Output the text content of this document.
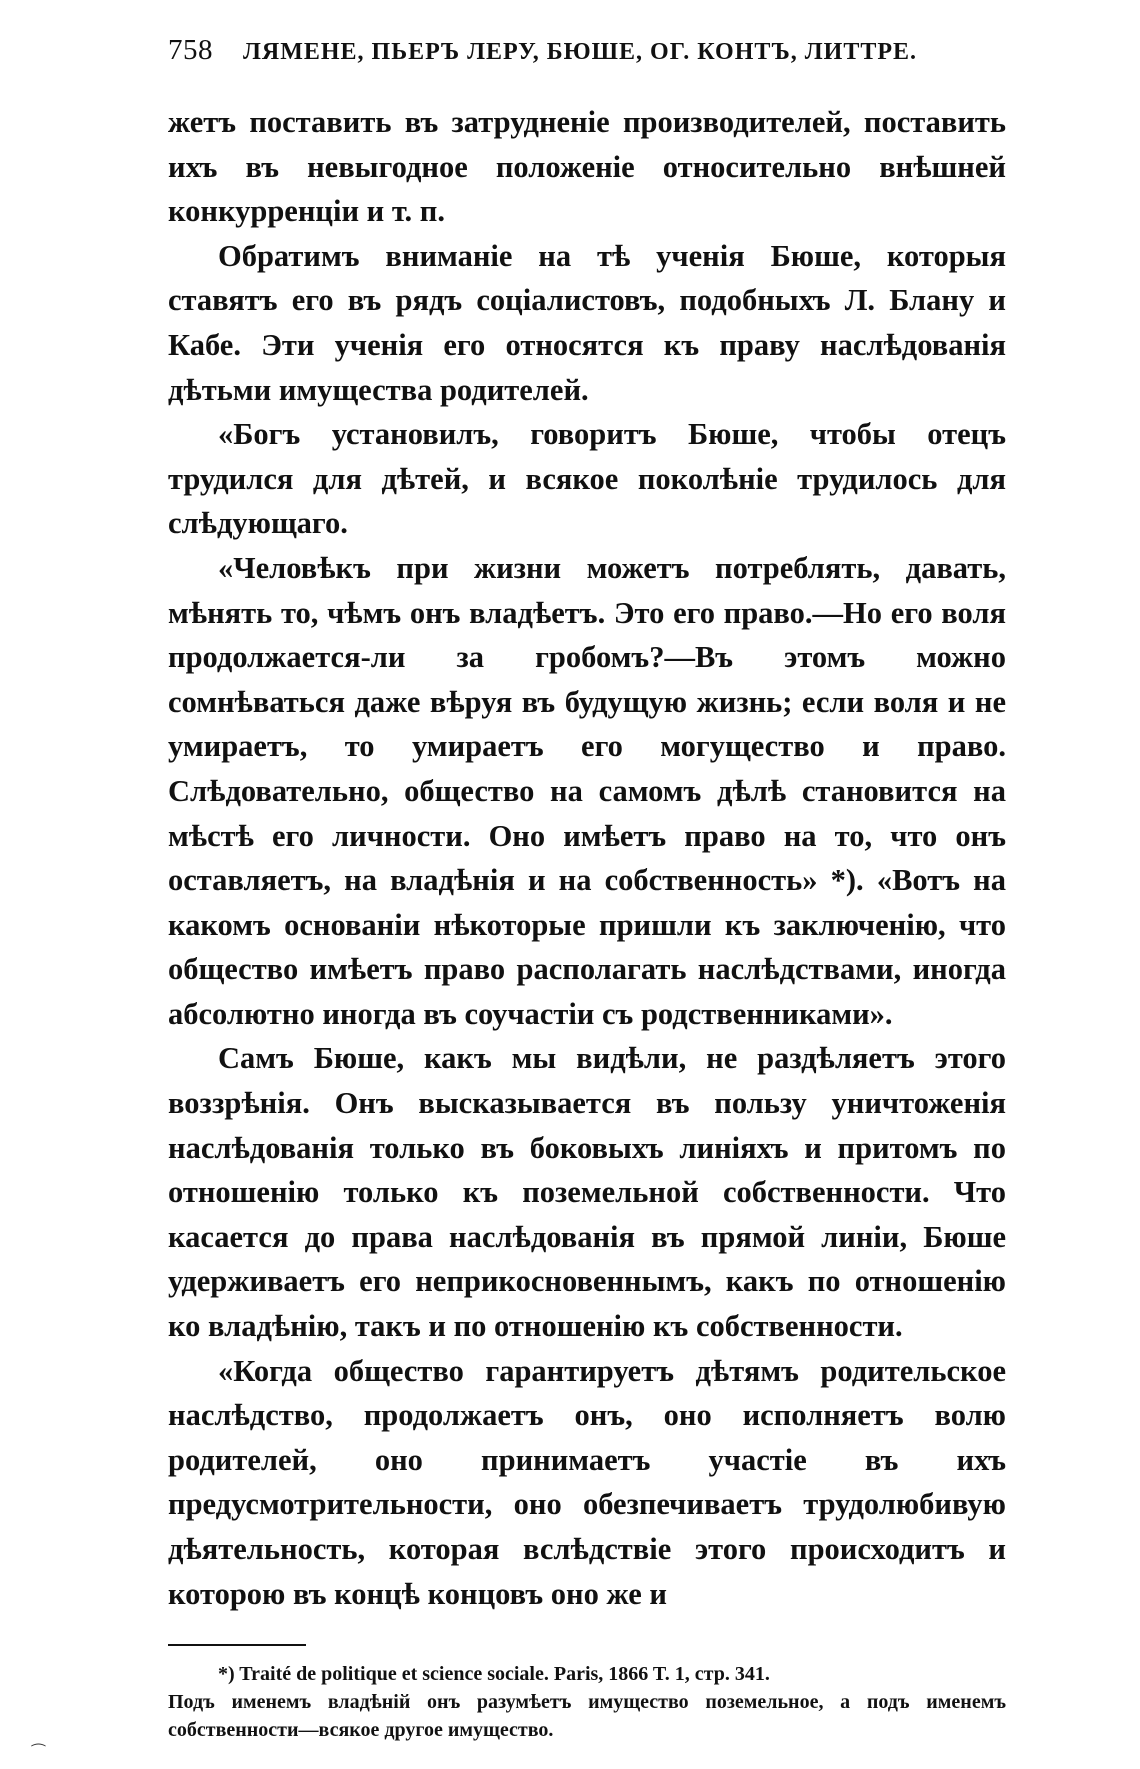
758 ЛЯМЕНЕ, ПЬЕРЪ ЛЕРУ, БЮШЕ, ОГ. КОНТЪ, ЛИТТРЕ.

жетъ поставить въ затрудненіе производителей, поставить ихъ въ невыгодное положеніе относительно внѣшней конкурренціи и т. п.

Обратимъ вниманіе на тѣ ученія Бюше, которыя ставятъ его въ рядъ соціалистовъ, подобныхъ Л. Блану и Кабе. Эти ученія его относятся къ праву наслѣдованія дѣтьми имущества родителей.

«Богъ установилъ, говоритъ Бюше, чтобы отецъ трудился для дѣтей, и всякое поколѣніе трудилось для слѣдующаго.

«Человѣкъ при жизни можетъ потреблять, давать, мѣнять то, чѣмъ онъ владѣетъ. Это его право.—Но его воля продолжается-ли за гробомъ?—Въ этомъ можно сомнѣваться даже вѣруя въ будущую жизнь; если воля и не умираетъ, то умираетъ его могущество и право. Слѣдовательно, общество на самомъ дѣлѣ становится на мѣстѣ его личности. Оно имѣетъ право на то, что онъ оставляетъ, на владѣнія и на собственность» *). «Вотъ на какомъ основаніи нѣкоторые пришли къ заключенію, что общество имѣетъ право располагать наслѣдствами, иногда абсолютно иногда въ соучастіи съ родственниками».

Самъ Бюше, какъ мы видѣли, не раздѣляетъ этого воззрѣнія. Онъ высказывается въ пользу уничтоженія наслѣдованія только въ боковыхъ линіяхъ и притомъ по отношенію только къ поземельной собственности. Что касается до права наслѣдованія въ прямой линіи, Бюше удерживаетъ его неприкосновеннымъ, какъ по отношенію ко владѣнію, такъ и по отношенію къ собственности.

«Когда общество гарантируетъ дѣтямъ родительское наслѣдство, продолжаетъ онъ, оно исполняетъ волю родителей, оно принимаетъ участіе въ ихъ предусмотрительности, оно обезпечиваетъ трудолюбивую дѣятельность, которая вслѣдствіе этого происходитъ и которою въ концѣ концовъ оно же и

*) Traité de politique et science sociale. Paris, 1866 T. 1, стр. 341.

Подъ именемъ владѣній онъ разумѣетъ имущество поземельное, а подъ именемъ собственности—всякое другое имущество.

⁔
